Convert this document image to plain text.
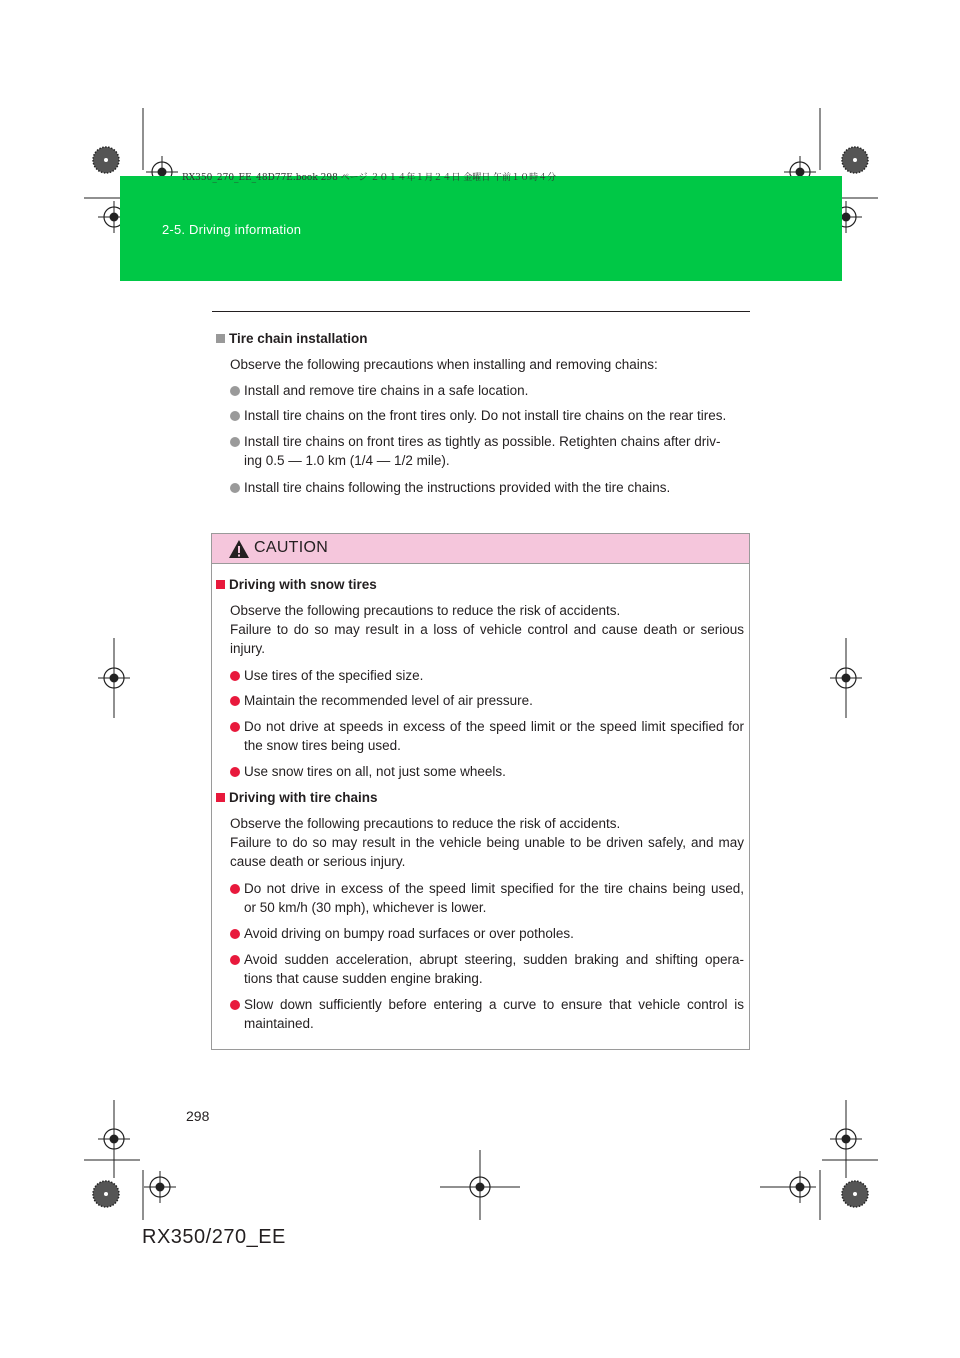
RX350_270_EE_48D77E.book 298 ページ ２０１４年１月２４日 金曜日 午前１０時４分
2-5. Driving information
Tire chain installation
Observe the following precautions when installing and removing chains:
Install and remove tire chains in a safe location.
Install tire chains on the front tires only. Do not install tire chains on the rear tires.
Install tire chains on front tires as tightly as possible. Retighten chains after driv-
ing 0.5 — 1.0 km (1/4 — 1/2 mile).
Install tire chains following the instructions provided with the tire chains.
CAUTION
Driving with snow tires
Observe the following precautions to reduce the risk of accidents.
Failure to do so may result in a loss of vehicle control and cause death or serious
injury.
Use tires of the specified size.
Maintain the recommended level of air pressure.
Do not drive at speeds in excess of the speed limit or the speed limit specified for
the snow tires being used.
Use snow tires on all, not just some wheels.
Driving with tire chains
Observe the following precautions to reduce the risk of accidents.
Failure to do so may result in the vehicle being unable to be driven safely, and may
cause death or serious injury.
Do not drive in excess of the speed limit specified for the tire chains being used,
or 50 km/h (30 mph), whichever is lower.
Avoid driving on bumpy road surfaces or over potholes.
Avoid sudden acceleration, abrupt steering, sudden braking and shifting opera-
tions that cause sudden engine braking.
Slow down sufficiently before entering a curve to ensure that vehicle control is
maintained.
298
RX350/270_EE
